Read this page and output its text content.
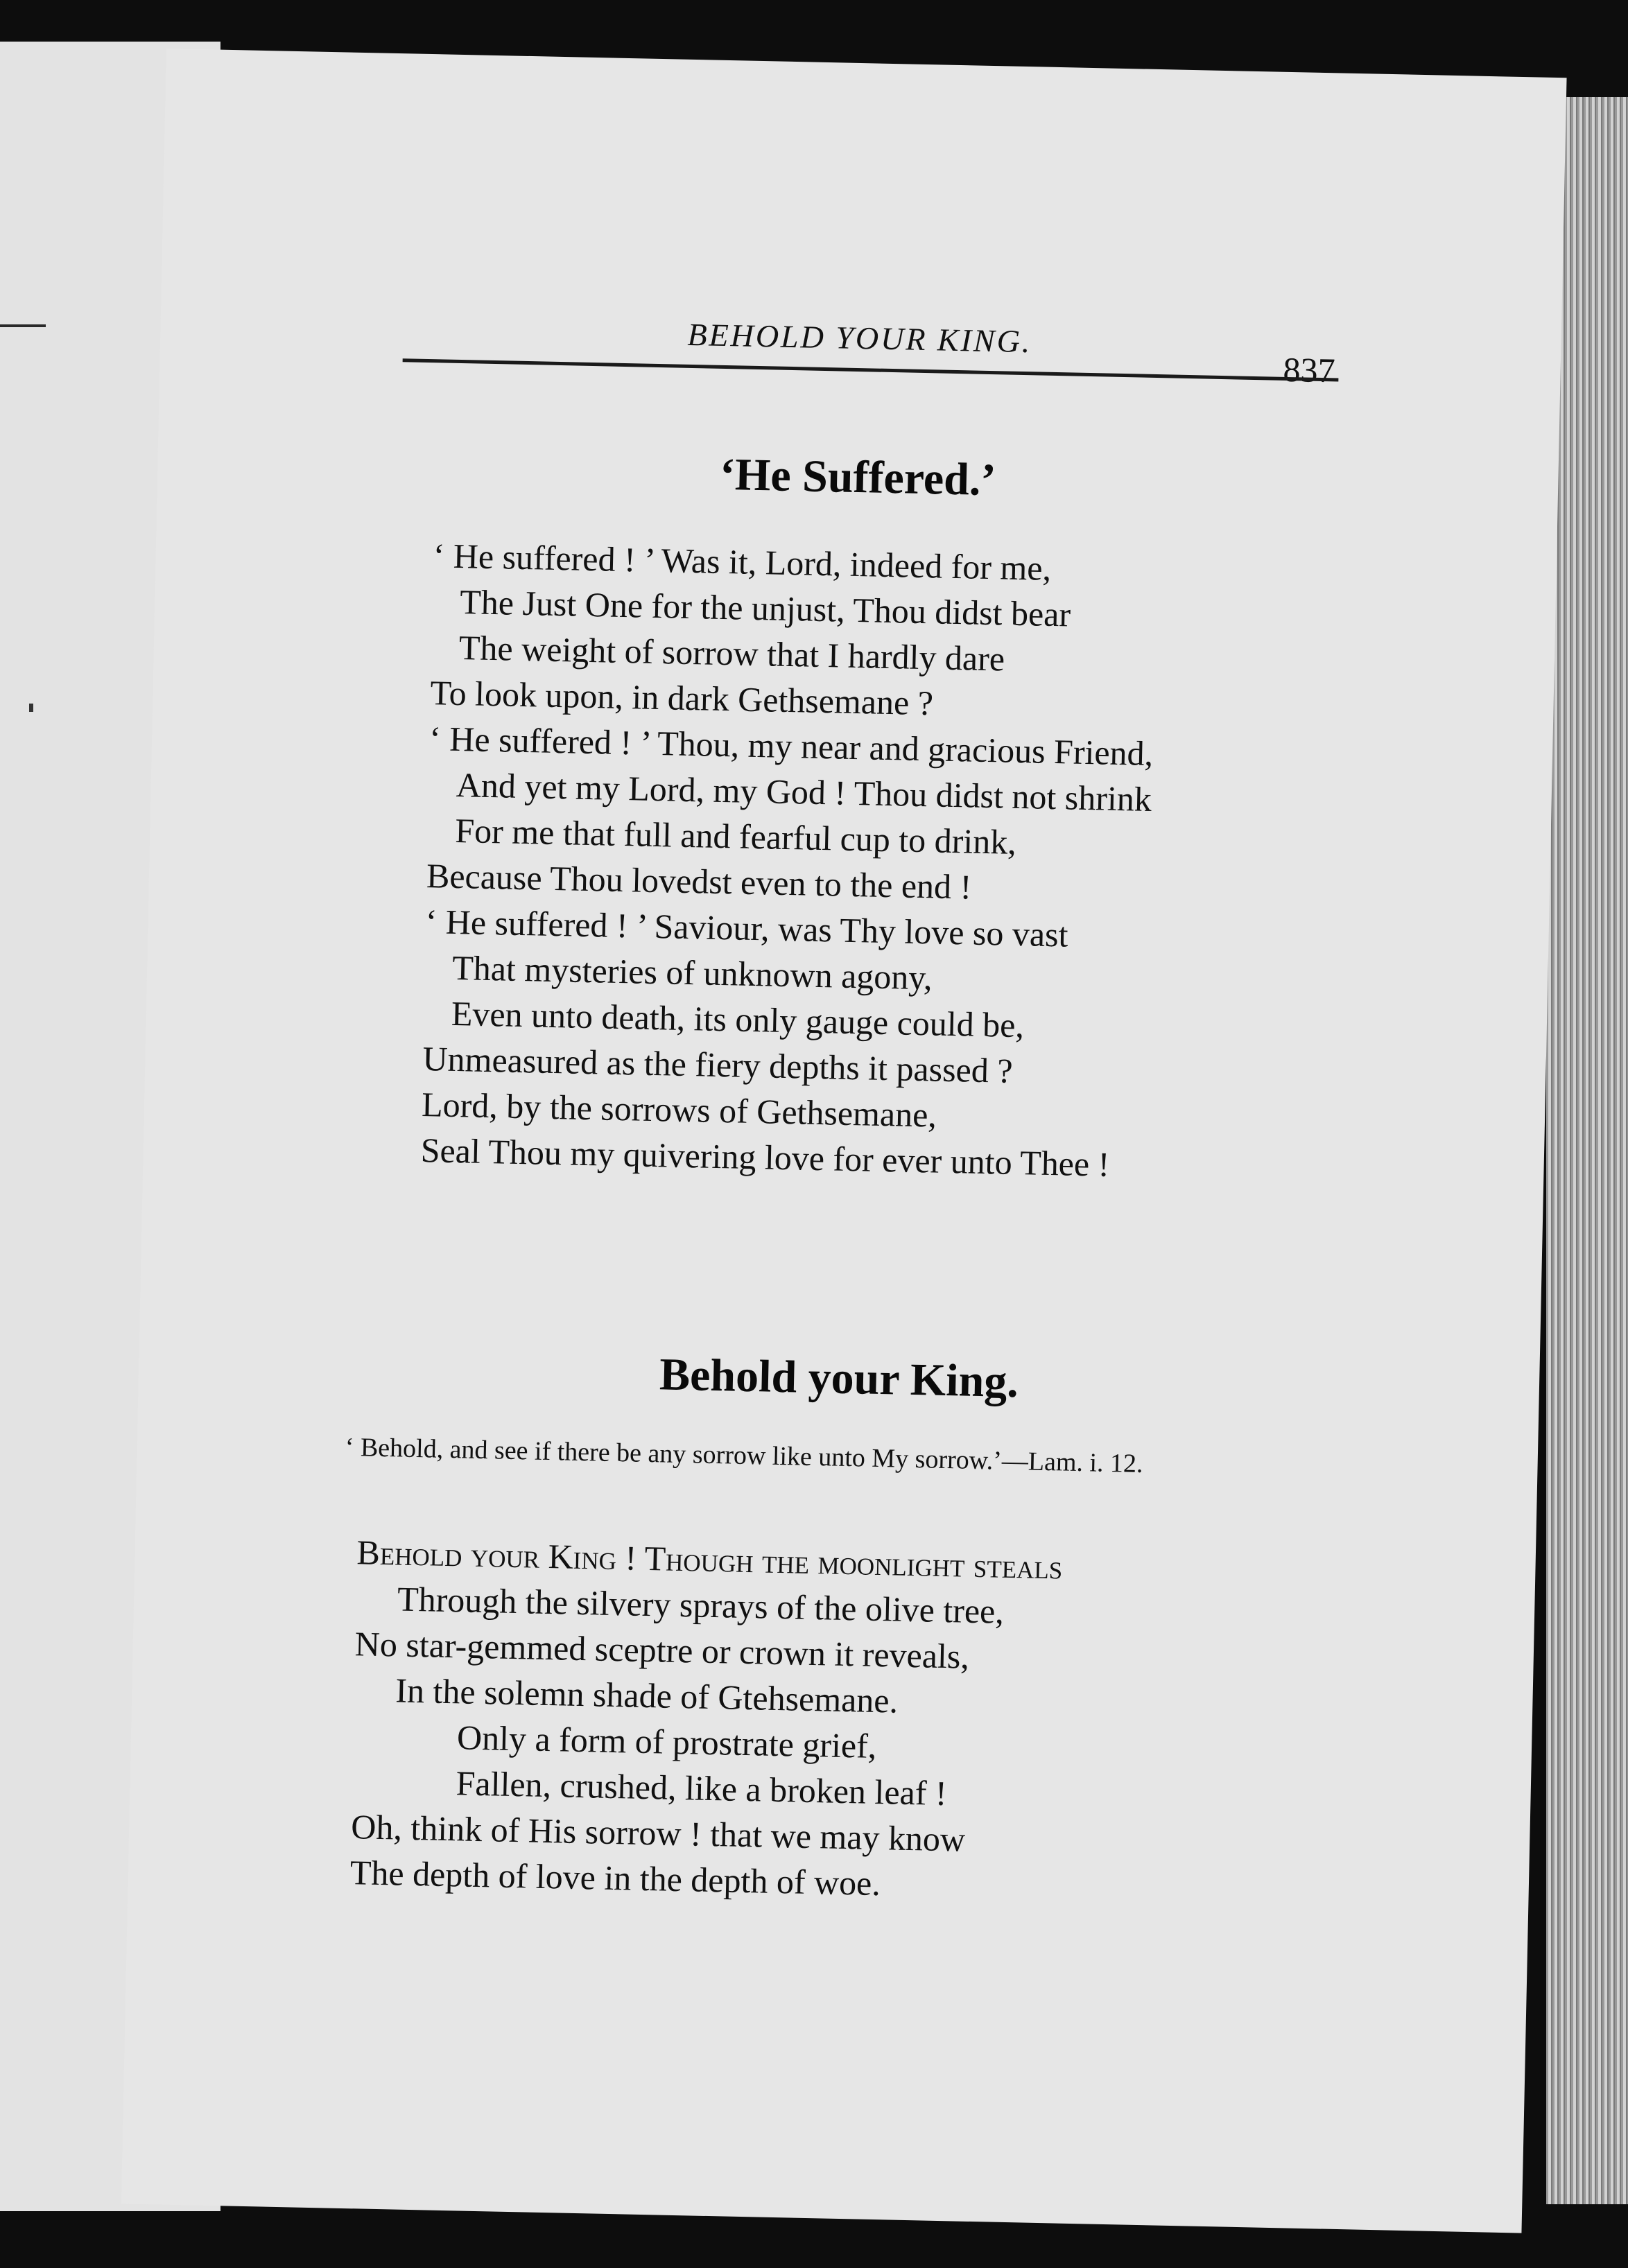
BEHOLD YOUR KING.
837
‘He Suffered.’
‘ He suffered ! ’ Was it, Lord, indeed for me,
The Just One for the unjust, Thou didst bear
The weight of sorrow that I hardly dare
To look upon, in dark Gethsemane ?
‘ He suffered ! ’ Thou, my near and gracious Friend,
And yet my Lord, my God ! Thou didst not shrink
For me that full and fearful cup to drink,
Because Thou lovedst even to the end !
‘ He suffered ! ’ Saviour, was Thy love so vast
That mysteries of unknown agony,
Even unto death, its only gauge could be,
Unmeasured as the fiery depths it passed ?
Lord, by the sorrows of Gethsemane,
Seal Thou my quivering love for ever unto Thee !
Behold your King.
‘ Behold, and see if there be any sorrow like unto My sorrow.’—Lam. i. 12.
Behold your King ! Though the moonlight steals
Through the silvery sprays of the olive tree,
No star-gemmed sceptre or crown it reveals,
In the solemn shade of Gtehsemane.
Only a form of prostrate grief,
Fallen, crushed, like a broken leaf !
Oh, think of His sorrow ! that we may know
The depth of love in the depth of woe.
